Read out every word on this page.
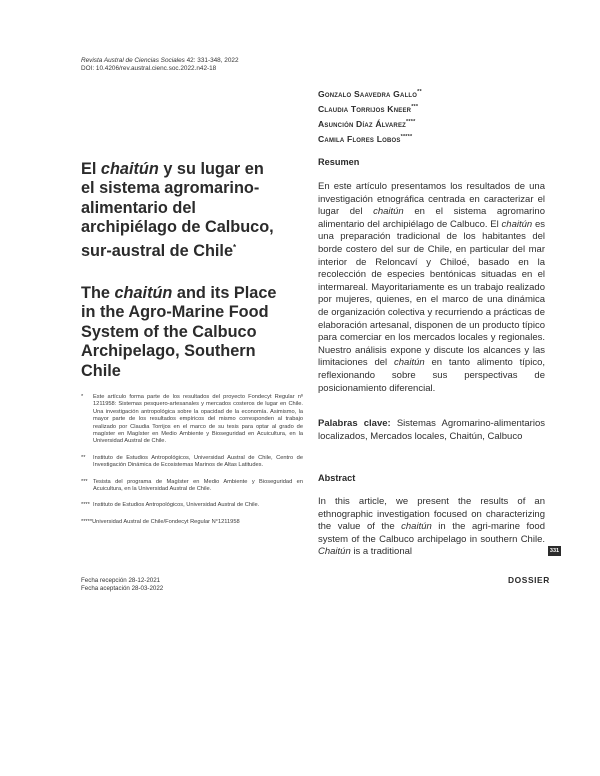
Revista Austral de Ciencias Sociales 42: 331-348, 2022
DOI: 10.4206/rev.austral.cienc.soc.2022.n42-18
Gonzalo Saavedra Gallo**
Claudia Torrijos Kneer***
Asunción Díaz Álvarez****
Camila Flores Lobos*****
El chaitún y su lugar en
el sistema agromarino-
alimentario del
archipiélago de Calbuco,
sur-austral de Chile*
The chaitún and its Place
in the Agro-Marine Food
System of the Calbuco
Archipelago, Southern
Chile
Resumen
En este artículo presentamos los resultados de una investigación etnográfica centrada en caracterizar el lugar del chaitún en el sistema agromarino alimentario del archipiélago de Calbuco. El chaitún es una preparación tradicional de los habitantes del borde costero del sur de Chile, en particular del mar interior de Reloncaví y Chiloé, basado en la recolección de especies bentónicas situadas en el intermareal. Mayoritariamente es un trabajo realizado por mujeres, quienes, en el marco de una dinámica de organización colectiva y recurriendo a prácticas de elaboración artesanal, disponen de un producto típico para comerciar en los mercados locales y regionales. Nuestro análisis expone y discute los alcances y las limitaciones del chaitún en tanto alimento típico, reflexionando sobre sus perspectivas de posicionamiento diferencial.
Palabras clave: Sistemas Agromarino-alimentarios localizados, Mercados locales, Chaitún, Calbuco
Abstract
In this article, we present the results of an ethnographic investigation focused on characterizing the value of the chaitún in the agri-marine food system of the Calbuco archipelago in southern Chile. Chaitún is a traditional
*	Este artículo forma parte de los resultados del proyecto Fondecyt Regular nº 1211958: Sistemas pesquero-artesanales y mercados costeros de lugar en Chile. Una investigación antropológica sobre la opacidad de la economía. Asimismo, la mayor parte de los resultados empíricos del mismo corresponden al trabajo realizado por Claudia Torrijos en el marco de su tesis para optar al grado de magíster en Magíster en Medio Ambiente y Bioseguridad en Acuicultura, en la Universidad Austral de Chile.
**	Instituto de Estudios Antropológicos, Universidad Austral de Chile, Centro de Investigación Dinámica de Ecosistemas Marinos de Altas Latitudes.
*** Tesista del programa de Magíster en Medio Ambiente y Bioseguridad en Acuicultura, en la Universidad Austral de Chile.
**** Instituto de Estudios Antropológicos, Universidad Austral de Chile.
***** Universidad Austral de Chile/Fondecyt Regular N°1211958
Fecha recepción 28-12-2021
Fecha aceptación 28-03-2022
331
DOSSIER
